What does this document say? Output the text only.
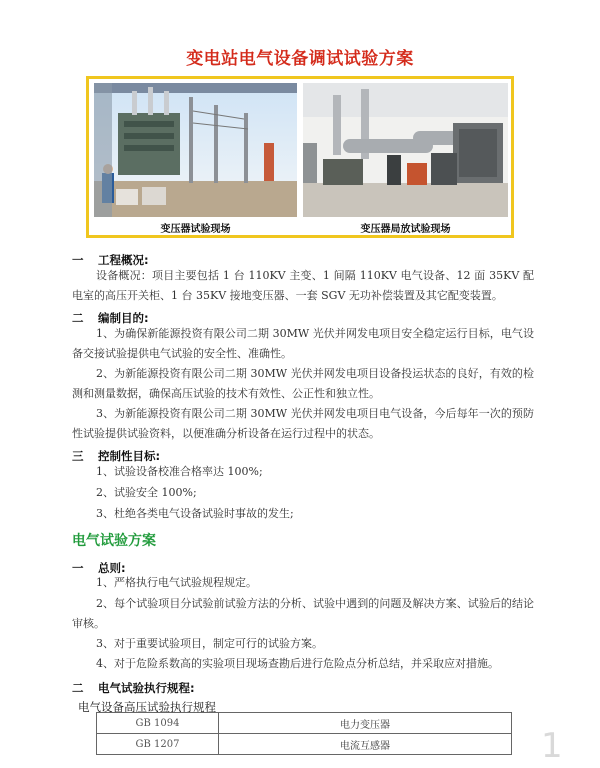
变电站电气设备调试试验方案
变压器试验现场	变压器局放试验现场
一 工程概况:
设备概况：项目主要包括 1 台 110KV 主变、1 间隔 110KV 电气设备、12 面 35KV 配电室的高压开关柜、1 台 35KV 接地变压器、一套 SGV 无功补偿装置及其它配变装置。
二 编制目的:
1、为确保新能源投资有限公司二期 30MW 光伏并网发电项目安全稳定运行目标，电气设备交接试验提供电气试验的安全性、准确性。
2、为新能源投资有限公司二期 30MW 光伏并网发电项目设备投运状态的良好，有效的检测和测量数据，确保高压试验的技术有效性、公正性和独立性。
3、为新能源投资有限公司二期 30MW 光伏并网发电项目电气设备，今后每年一次的预防性试验提供试验资料，以便准确分析设备在运行过程中的状态。
三 控制性目标:
1、试验设备校准合格率达 100%;
2、试验安全 100%;
3、杜绝各类电气设备试验时事故的发生;
电气试验方案
一 总则:
1、严格执行电气试验规程规定。
2、每个试验项目分试验前试验方法的分析、试验中遇到的问题及解决方案、试验后的结论审核。
3、对于重要试验项目，制定可行的试验方案。
4、对于危险系数高的实验项目现场查勘后进行危险点分析总结，并采取应对措施。
二 电气试验执行规程:
电气设备高压试验执行规程
GB 1094	电力变压器
GB 1207	电流互感器	1
